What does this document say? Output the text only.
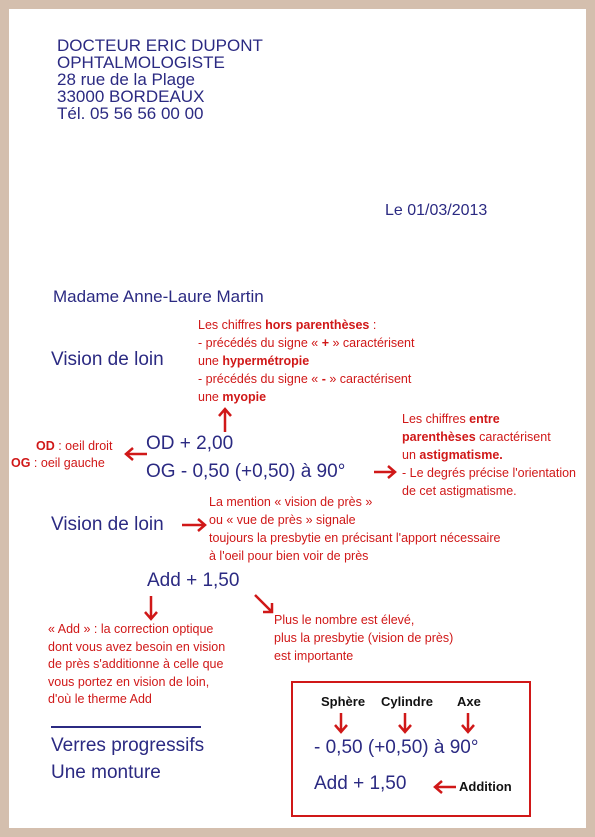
DOCTEUR ERIC DUPONT
OPHTALMOLOGISTE
28 rue de la Plage
33000 BORDEAUX
Tél. 05 56 56 00 00
Le 01/03/2013
Madame Anne-Laure Martin
Vision de loin
Les chiffres hors parenthèses :
- précédés du signe « + » caractérisent
une hypermétropie
- précédés du signe « - » caractérisent
une myopie
OD + 2,00
OG - 0,50 (+0,50) à 90°
OD : oeil droit
OG : oeil gauche
Les chiffres entre
parenthèses caractérisent
un astigmatisme.
- Le degrés précise l'orientation
de cet astigmatisme.
Vision de loin
La mention « vision de près »
ou « vue de près » signale
toujours la presbytie en précisant l'apport nécessaire
à l'oeil pour bien voir de près
Add + 1,50
« Add » : la correction optique
dont vous avez besoin en vision
de près s'additionne à celle que
vous portez en vision de loin,
d'où le therme Add
Plus le nombre est élevé,
plus la presbytie (vision de près)
est importante
Verres progressifs
Une monture
Sphère Cylindre Axe
- 0,50 (+0,50) à 90°
Add + 1,50	Addition
